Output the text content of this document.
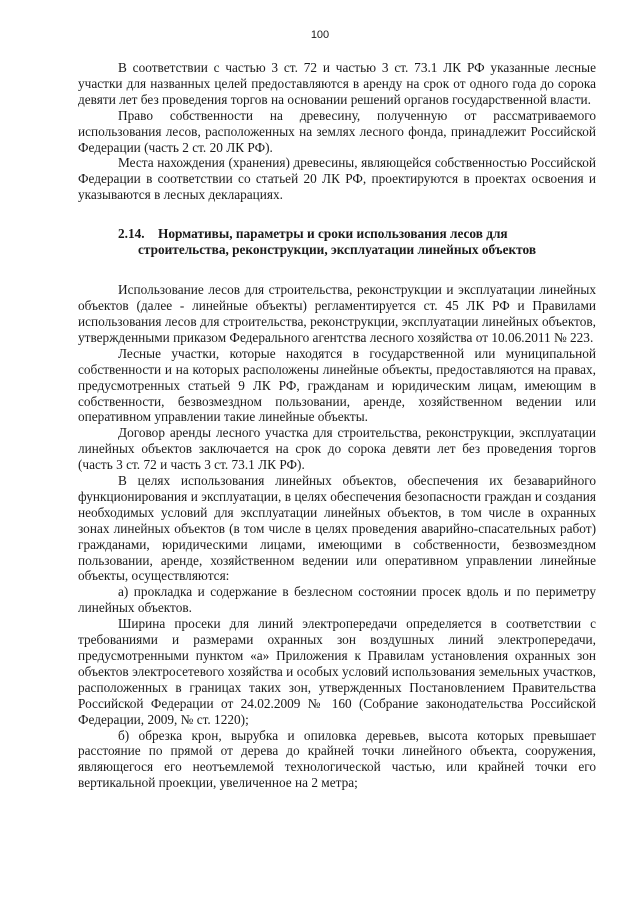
100

В соответствии с частью 3 ст. 72 и частью 3 ст. 73.1 ЛК РФ указанные лесные участки для названных целей предоставляются в аренду на срок от одного года до сорока девяти лет без проведения торгов на основании решений органов государственной власти.

Право собственности на древесину, полученную от рассматриваемого использования лесов, расположенных на землях лесного фонда, принадлежит Российской Федерации (часть 2 ст. 20 ЛК РФ).

Места нахождения (хранения) древесины, являющейся собственностью Российской Федерации в соответствии со статьей 20 ЛК РФ, проектируются в проектах освоения и указываются в лесных декларациях.

2.14. Нормативы, параметры и сроки использования лесов для

строительства, реконструкции, эксплуатации линейных объектов

Использование лесов для строительства, реконструкции и эксплуатации линейных объектов (далее - линейные объекты) регламентируется ст. 45 ЛК РФ и Правилами использования лесов для строительства, реконструкции, эксплуатации линейных объектов, утвержденными приказом Федерального агентства лесного хозяйства от 10.06.2011 № 223.

Лесные участки, которые находятся в государственной или муниципальной собственности и на которых расположены линейные объекты, предоставляются на правах, предусмотренных статьей 9 ЛК РФ, гражданам и юридическим лицам, имеющим в собственности, безвозмездном пользовании, аренде, хозяйственном ведении или оперативном управлении такие линейные объекты.

Договор аренды лесного участка для строительства, реконструкции, эксплуатации линейных объектов заключается на срок до сорока девяти лет без проведения торгов (часть 3 ст. 72 и часть 3 ст. 73.1 ЛК РФ).

В целях использования линейных объектов, обеспечения их безаварийного функционирования и эксплуатации, в целях обеспечения безопасности граждан и создания необходимых условий для эксплуатации линейных объектов, в том числе в охранных зонах линейных объектов (в том числе в целях проведения аварийно-спасательных работ) гражданами, юридическими лицами, имеющими в собственности, безвозмездном пользовании, аренде, хозяйственном ведении или оперативном управлении линейные объекты, осуществляются:

а) прокладка и содержание в безлесном состоянии просек вдоль и по периметру линейных объектов.

Ширина просеки для линий электропередачи определяется в соответствии с требованиями и размерами охранных зон воздушных линий электропередачи, предусмотренными пунктом «а» Приложения к Правилам установления охранных зон объектов электросетевого хозяйства и особых условий использования земельных участков, расположенных в границах таких зон, утвержденных Постановлением Правительства Российской Федерации от 24.02.2009 № 160 (Собрание законодательства Российской Федерации, 2009, № ст. 1220);

б) обрезка крон, вырубка и опиловка деревьев, высота которых превышает расстояние по прямой от дерева до крайней точки линейного объекта, сооружения, являющегося его неотъемлемой технологической частью, или крайней точки его вертикальной проекции, увеличенное на 2 метра;
